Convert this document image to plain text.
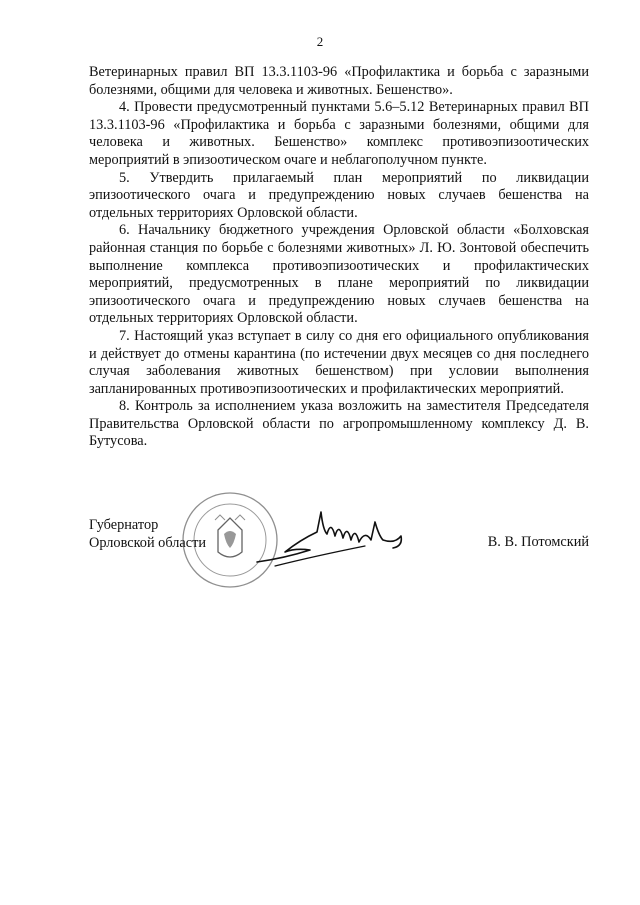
2

Ветеринарных правил ВП 13.3.1103-96 «Профилактика и борьба с заразными болезнями, общими для человека и животных. Бешенство».

4. Провести предусмотренный пунктами 5.6–5.12 Ветеринарных правил ВП 13.3.1103-96 «Профилактика и борьба с заразными болезнями, общими для человека и животных. Бешенство» комплекс противоэпизоотических мероприятий в эпизоотическом очаге и неблагополучном пункте.

5. Утвердить прилагаемый план мероприятий по ликвидации эпизоотического очага и предупреждению новых случаев бешенства на отдельных территориях Орловской области.

6. Начальнику бюджетного учреждения Орловской области «Болховская районная станция по борьбе с болезнями животных» Л. Ю. Зонтовой обеспечить выполнение комплекса противоэпизоотических и профилактических мероприятий, предусмотренных в плане мероприятий по ликвидации эпизоотического очага и предупреждению новых случаев бешенства на отдельных территориях Орловской области.

7. Настоящий указ вступает в силу со дня его официального опубликования и действует до отмены карантина (по истечении двух месяцев со дня последнего случая заболевания животных бешенством) при условии выполнения запланированных противоэпизоотических и профилактических мероприятий.

8. Контроль за исполнением указа возложить на заместителя Председателя Правительства Орловской области по агропромышленному комплексу Д. В. Бутусова.

Губернатор
Орловской области	В. В. Потомский
